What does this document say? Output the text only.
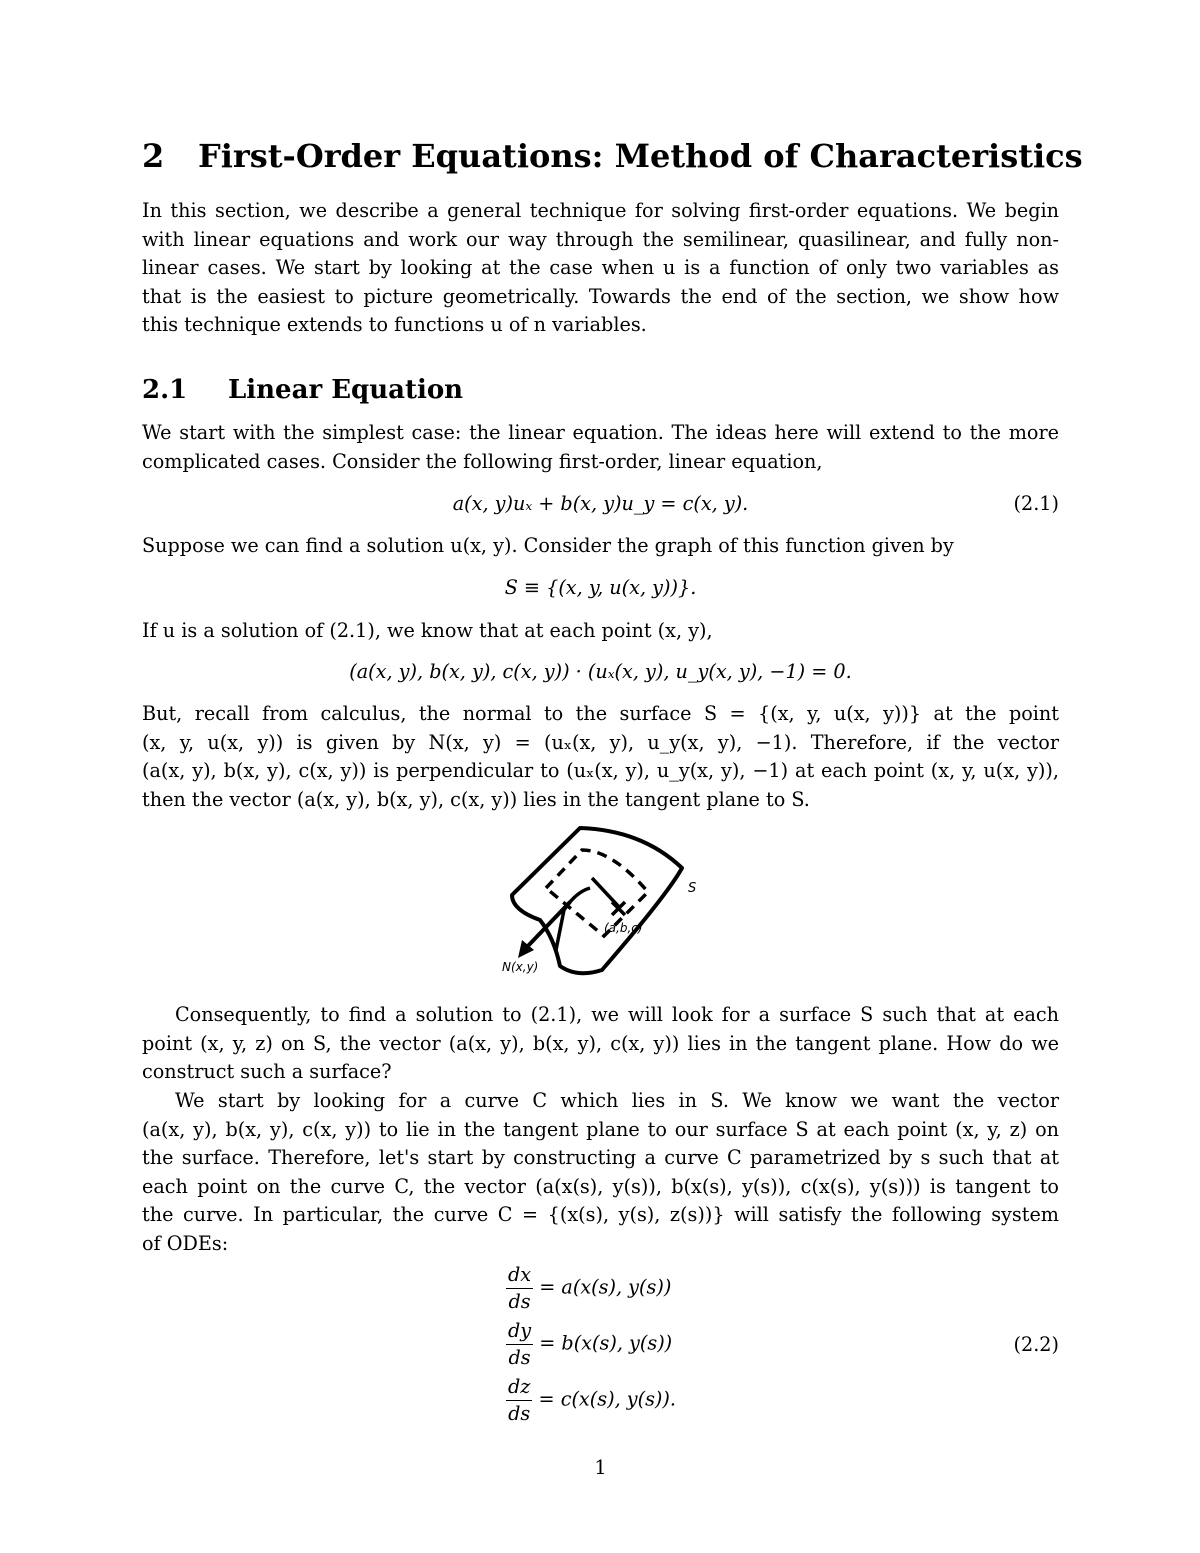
2 First-Order Equations: Method of Characteristics
In this section, we describe a general technique for solving first-order equations. We begin
with linear equations and work our way through the semilinear, quasilinear, and fully non-
linear cases. We start by looking at the case when u is a function of only two variables as
that is the easiest to picture geometrically. Towards the end of the section, we show how
this technique extends to functions u of n variables.
2.1 Linear Equation
We start with the simplest case: the linear equation. The ideas here will extend to the more
complicated cases. Consider the following first-order, linear equation,
a(x, y)uₓ + b(x, y)u_y = c(x, y).	(2.1)
Suppose we can find a solution u(x, y). Consider the graph of this function given by
S ≡ {(x, y, u(x, y))}.
If u is a solution of (2.1), we know that at each point (x, y),
(a(x, y), b(x, y), c(x, y)) · (uₓ(x, y), u_y(x, y), −1) = 0.
But, recall from calculus, the normal to the surface S = {(x, y, u(x, y))} at the point
(x, y, u(x, y)) is given by N(x, y) = (uₓ(x, y), u_y(x, y), −1). Therefore, if the vector
(a(x, y), b(x, y), c(x, y)) is perpendicular to (uₓ(x, y), u_y(x, y), −1) at each point (x, y, u(x, y)),
then the vector (a(x, y), b(x, y), c(x, y)) lies in the tangent plane to S.
S
(a,b,c)
N(x,y)
Consequently, to find a solution to (2.1), we will look for a surface S such that at each
point (x, y, z) on S, the vector (a(x, y), b(x, y), c(x, y)) lies in the tangent plane. How do we
construct such a surface?
We start by looking for a curve C which lies in S. We know we want the vector
(a(x, y), b(x, y), c(x, y)) to lie in the tangent plane to our surface S at each point (x, y, z) on
the surface. Therefore, let's start by constructing a curve C parametrized by s such that at
each point on the curve C, the vector (a(x(s), y(s)), b(x(s), y(s)), c(x(s), y(s))) is tangent to
the curve. In particular, the curve C = {(x(s), y(s), z(s))} will satisfy the following system
of ODEs:
$\frac{dx}{ds} = a(x(s)$, y(s))
$\frac{dy}{ds} = b(x(s)$, y(s))
$\frac{dz}{ds} = c(x(s)$, y(s)).
(2.2)
1
